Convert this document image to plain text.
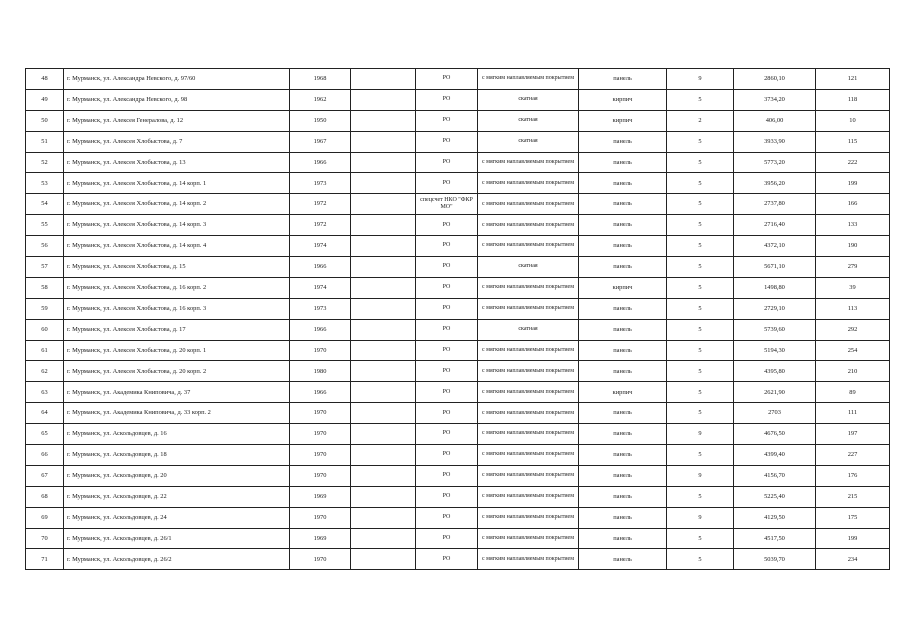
48	г. Мурманск, ул. Александра Невского, д. 97/60	1968		РО	с мягким наплавляемым покрытием	панель	9	2860,10	121
49	г. Мурманск, ул. Александра Невского, д. 98	1962		РО	скатная	кирпич	5	3734,20	118
50	г. Мурманск, ул. Алексея Генералова, д. 12	1950		РО	скатная	кирпич	2	406,00	10
51	г. Мурманск, ул. Алексея Хлобыстова, д. 7	1967		РО	скатная	панель	5	3933,90	115
52	г. Мурманск, ул. Алексея Хлобыстова, д. 13	1966		РО	с мягким наплавляемым покрытием	панель	5	5773,20	222
53	г. Мурманск, ул. Алексея Хлобыстова, д. 14 корп. 1	1973		РО	с мягким наплавляемым покрытием	панель	5	3956,20	199
54	г. Мурманск, ул. Алексея Хлобыстова, д. 14 корп. 2	1972		спецсчет НКО "ФКР МО"	с мягким наплавляемым покрытием	панель	5	2737,80	166
55	г. Мурманск, ул. Алексея Хлобыстова, д. 14 корп. 3	1972		РО	с мягким наплавляемым покрытием	панель	5	2716,40	133
56	г. Мурманск, ул. Алексея Хлобыстова, д. 14 корп. 4	1974		РО	с мягким наплавляемым покрытием	панель	5	4372,10	190
57	г. Мурманск, ул. Алексея Хлобыстова, д. 15	1966		РО	скатная	панель	5	5671,10	279
58	г. Мурманск, ул. Алексея Хлобыстова, д. 16 корп. 2	1974		РО	с мягким наплавляемым покрытием	кирпич	5	1498,80	39
59	г. Мурманск, ул. Алексея Хлобыстова, д. 16 корп. 3	1973		РО	с мягким наплавляемым покрытием	панель	5	2729,10	113
60	г. Мурманск, ул. Алексея Хлобыстова, д. 17	1966		РО	скатная	панель	5	5739,60	292
61	г. Мурманск, ул. Алексея Хлобыстова, д. 20 корп. 1	1970		РО	с мягким наплавляемым покрытием	панель	5	5194,30	254
62	г. Мурманск, ул. Алексея Хлобыстова, д. 20 корп. 2	1980		РО	с мягким наплавляемым покрытием	панель	5	4395,80	210
63	г. Мурманск, ул. Академика Книповича, д. 37	1966		РО	с мягким наплавляемым покрытием	кирпич	5	2621,90	89
64	г. Мурманск, ул. Академика Книповича, д. 33 корп. 2	1970		РО	с мягким наплавляемым покрытием	панель	5	2703	111
65	г. Мурманск, ул. Аскольдовцев, д. 16	1970		РО	с мягким наплавляемым покрытием	панель	9	4676,50	197
66	г. Мурманск, ул. Аскольдовцев, д. 18	1970		РО	с мягким наплавляемым покрытием	панель	5	4399,40	227
67	г. Мурманск, ул. Аскольдовцев, д. 20	1970		РО	с мягким наплавляемым покрытием	панель	9	4156,70	176
68	г. Мурманск, ул. Аскольдовцев, д. 22	1969		РО	с мягким наплавляемым покрытием	панель	5	5225,40	215
69	г. Мурманск, ул. Аскольдовцев, д. 24	1970		РО	с мягким наплавляемым покрытием	панель	9	4129,50	175
70	г. Мурманск, ул. Аскольдовцев, д. 26/1	1969		РО	с мягким наплавляемым покрытием	панель	5	4517,50	199
71	г. Мурманск, ул. Аскольдовцев, д. 26/2	1970		РО	с мягким наплавляемым покрытием	панель	5	5039,70	234
